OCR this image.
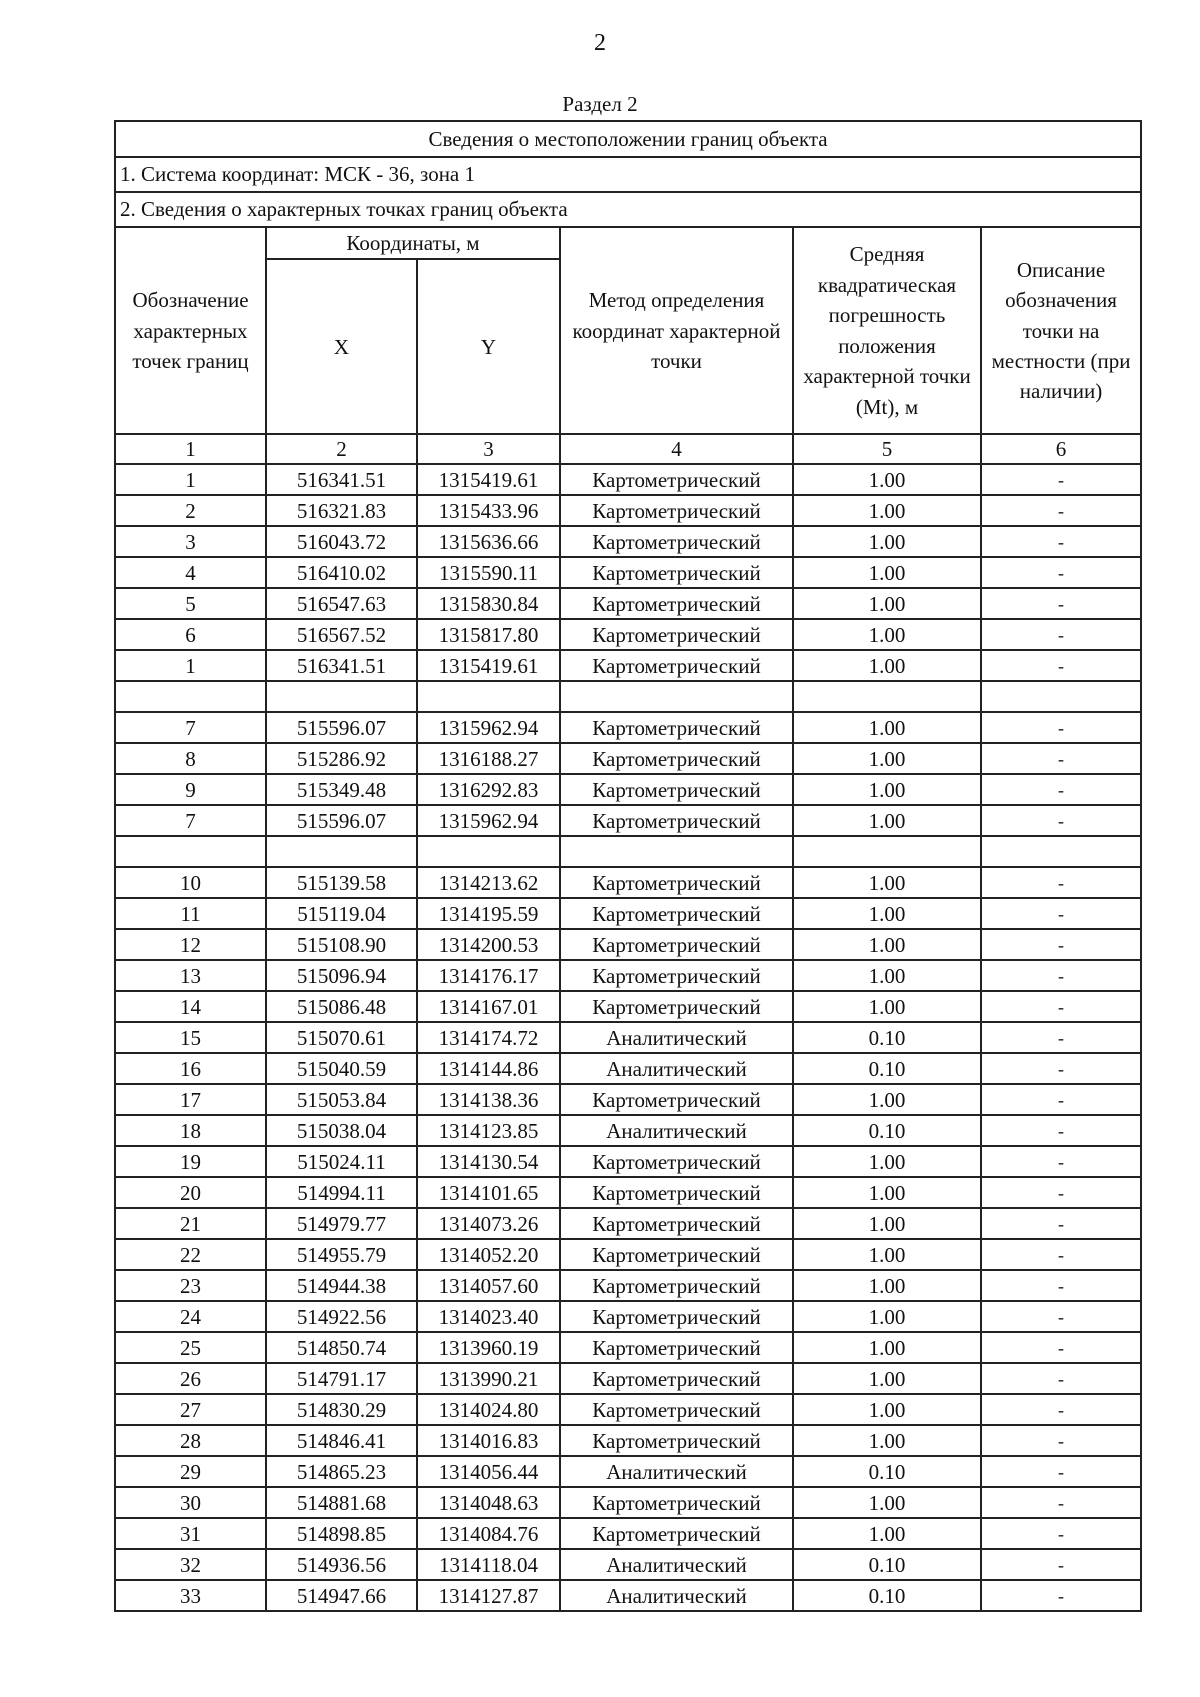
2
Раздел 2
Сведения о местоположении границ объекта					
1. Система координат: МСК - 36, зона 1					
2. Сведения о характерных точках границ объекта					
Обозначение характерных точек границ	Координаты, м		Метод определения координат характерной точки	Средняя квадратическая погрешность положения характерной точки (Mt), м	Описание обозначения точки на местности (при наличии)
	X	Y			
1	2	3	4	5	6
1	516341.51	1315419.61	Картометрический	1.00	-
2	516321.83	1315433.96	Картометрический	1.00	-
3	516043.72	1315636.66	Картометрический	1.00	-
4	516410.02	1315590.11	Картометрический	1.00	-
5	516547.63	1315830.84	Картометрический	1.00	-
6	516567.52	1315817.80	Картометрический	1.00	-
1	516341.51	1315419.61	Картометрический	1.00	-

7	515596.07	1315962.94	Картометрический	1.00	-
8	515286.92	1316188.27	Картометрический	1.00	-
9	515349.48	1316292.83	Картометрический	1.00	-
7	515596.07	1315962.94	Картометрический	1.00	-

10	515139.58	1314213.62	Картометрический	1.00	-
11	515119.04	1314195.59	Картометрический	1.00	-
12	515108.90	1314200.53	Картометрический	1.00	-
13	515096.94	1314176.17	Картометрический	1.00	-
14	515086.48	1314167.01	Картометрический	1.00	-
15	515070.61	1314174.72	Аналитический	0.10	-
16	515040.59	1314144.86	Аналитический	0.10	-
17	515053.84	1314138.36	Картометрический	1.00	-
18	515038.04	1314123.85	Аналитический	0.10	-
19	515024.11	1314130.54	Картометрический	1.00	-
20	514994.11	1314101.65	Картометрический	1.00	-
21	514979.77	1314073.26	Картометрический	1.00	-
22	514955.79	1314052.20	Картометрический	1.00	-
23	514944.38	1314057.60	Картометрический	1.00	-
24	514922.56	1314023.40	Картометрический	1.00	-
25	514850.74	1313960.19	Картометрический	1.00	-
26	514791.17	1313990.21	Картометрический	1.00	-
27	514830.29	1314024.80	Картометрический	1.00	-
28	514846.41	1314016.83	Картометрический	1.00	-
29	514865.23	1314056.44	Аналитический	0.10	-
30	514881.68	1314048.63	Картометрический	1.00	-
31	514898.85	1314084.76	Картометрический	1.00	-
32	514936.56	1314118.04	Аналитический	0.10	-
33	514947.66	1314127.87	Аналитический	0.10	-
